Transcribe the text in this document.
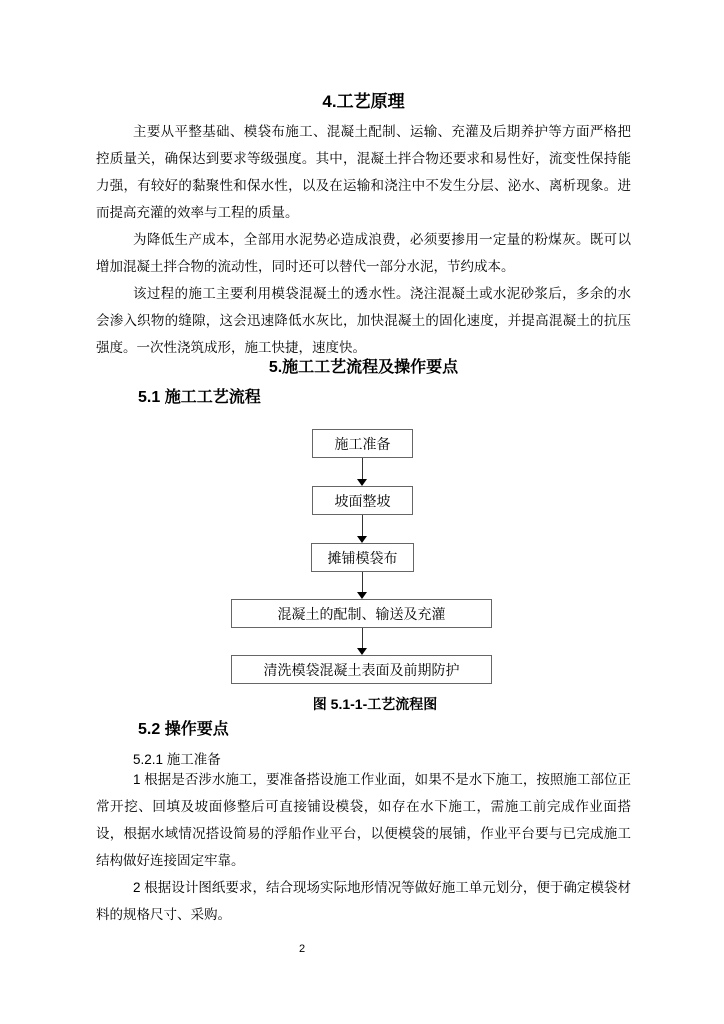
4.工艺原理

主要从平整基础、模袋布施工、混凝土配制、运输、充灌及后期养护等方面严格把控质量关，确保达到要求等级强度。其中，混凝土拌合物还要求和易性好，流变性保持能力强，有较好的黏聚性和保水性，以及在运输和浇注中不发生分层、泌水、离析现象。进而提高充灌的效率与工程的质量。

为降低生产成本，全部用水泥势必造成浪费，必须要掺用一定量的粉煤灰。既可以增加混凝土拌合物的流动性，同时还可以替代一部分水泥，节约成本。

该过程的施工主要利用模袋混凝土的透水性。浇注混凝土或水泥砂浆后，多余的水会渗入织物的缝隙，这会迅速降低水灰比，加快混凝土的固化速度，并提高混凝土的抗压强度。一次性浇筑成形，施工快捷，速度快。

5.施工工艺流程及操作要点
5.1 施工工艺流程
施工准备
坡面整坡
摊铺模袋布
混凝土的配制、输送及充灌
清洗模袋混凝土表面及前期防护
图 5.1-1-工艺流程图
5.2 操作要点
5.2.1 施工准备

1 根据是否涉水施工，要准备搭设施工作业面，如果不是水下施工，按照施工部位正常开挖、回填及坡面修整后可直接铺设模袋，如存在水下施工，需施工前完成作业面搭设，根据水域情况搭设简易的浮船作业平台，以便模袋的展铺，作业平台要与已完成施工结构做好连接固定牢靠。

2 根据设计图纸要求，结合现场实际地形情况等做好施工单元划分，便于确定模袋材料的规格尺寸、采购。

2
